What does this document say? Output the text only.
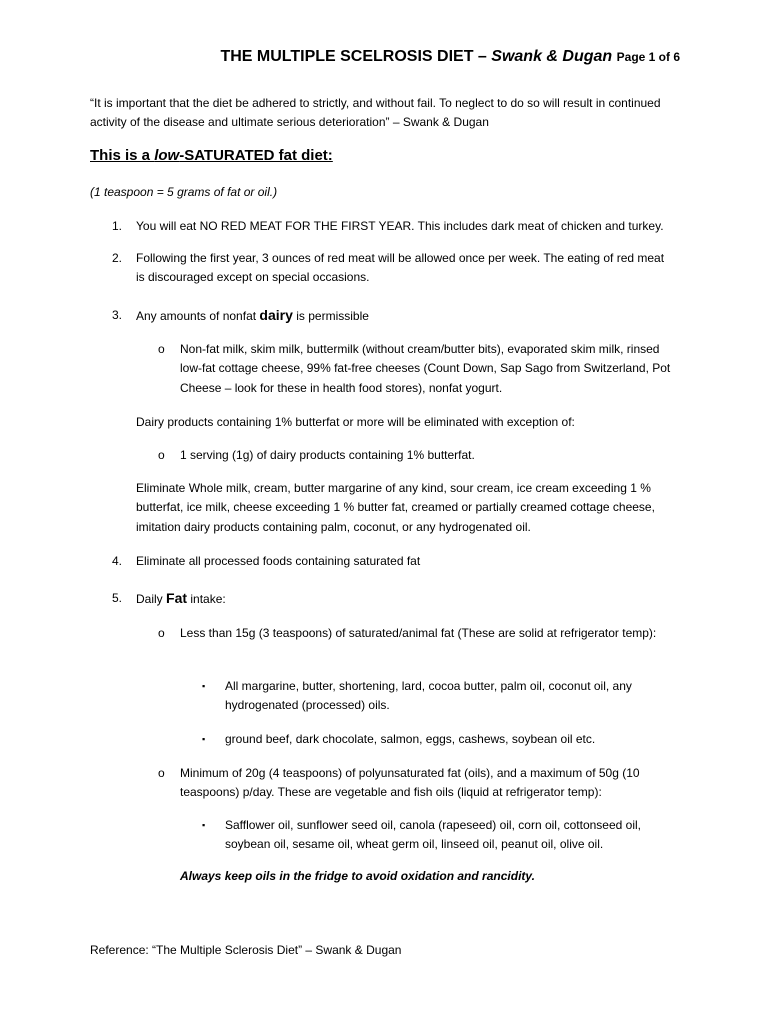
THE MULTIPLE SCELROSIS DIET – Swank & Dugan Page 1 of 6
“It is important that the diet be adhered to strictly, and without fail. To neglect to do so will result in continued activity of the disease and ultimate serious deterioration” – Swank & Dugan
This is a low-SATURATED fat diet:
(1 teaspoon = 5 grams of fat or oil.)
1.	You will eat NO RED MEAT FOR THE FIRST YEAR. This includes dark meat of chicken and turkey.
2.	Following the first year, 3 ounces of red meat will be allowed once per week. The eating of red meat is discouraged except on special occasions.
3.	Any amounts of nonfat dairy is permissible
o Non-fat milk, skim milk, buttermilk (without cream/butter bits), evaporated skim milk, rinsed low-fat cottage cheese, 99% fat-free cheeses (Count Down, Sap Sago from Switzerland, Pot Cheese – look for these in health food stores), nonfat yogurt.
Dairy products containing 1% butterfat or more will be eliminated with exception of:
o 1 serving (1g) of dairy products containing 1% butterfat.
Eliminate Whole milk, cream, butter margarine of any kind, sour cream, ice cream exceeding 1 % butterfat, ice milk, cheese exceeding 1 % butter fat, creamed or partially creamed cottage cheese, imitation dairy products containing palm, coconut, or any hydrogenated oil.
4.	Eliminate all processed foods containing saturated fat
5.	Daily Fat intake:
o Less than 15g (3 teaspoons) of saturated/animal fat (These are solid at refrigerator temp):
▪ All margarine, butter, shortening, lard, cocoa butter, palm oil, coconut oil, any hydrogenated (processed) oils.
▪ ground beef, dark chocolate, salmon, eggs, cashews, soybean oil etc.
o Minimum of 20g (4 teaspoons) of polyunsaturated fat (oils), and a maximum of 50g (10 teaspoons) p/day. These are vegetable and fish oils (liquid at refrigerator temp):
▪ Safflower oil, sunflower seed oil, canola (rapeseed) oil, corn oil, cottonseed oil, soybean oil, sesame oil, wheat germ oil, linseed oil, peanut oil, olive oil.
Always keep oils in the fridge to avoid oxidation and rancidity.
Reference: “The Multiple Sclerosis Diet” – Swank & Dugan
